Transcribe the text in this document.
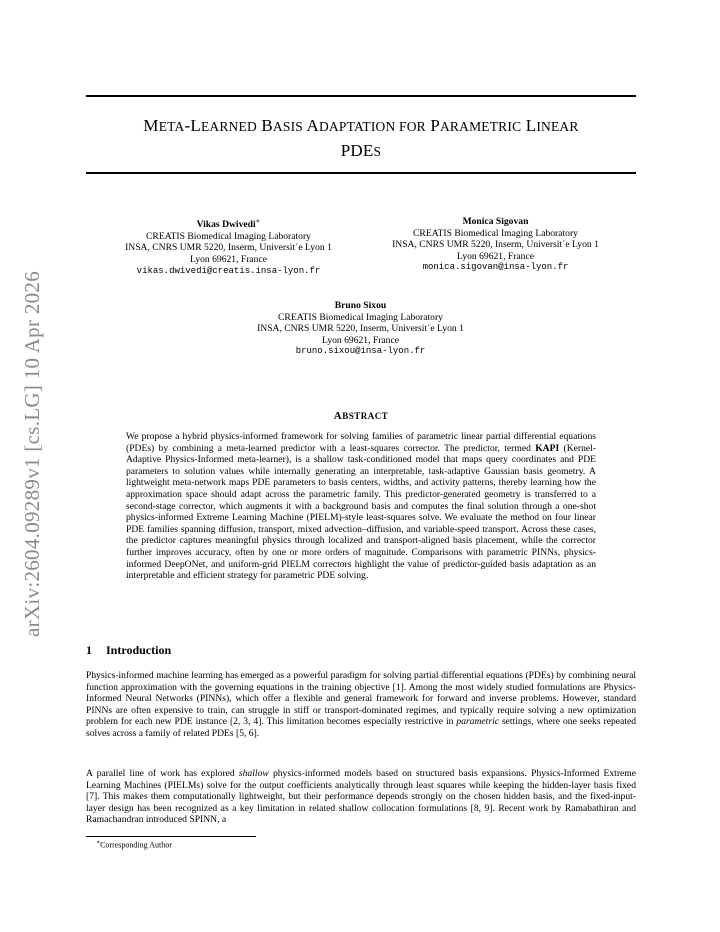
arXiv:2604.09289v1 [cs.LG] 10 Apr 2026
META-LEARNED BASIS ADAPTATION FOR PARAMETRIC LINEAR
PDES
Vikas Dwivedi∗
CREATIS Biomedical Imaging Laboratory
INSA, CNRS UMR 5220, Inserm, Universit´e Lyon 1
Lyon 69621, France
vikas.dwivedi@creatis.insa-lyon.fr
Monica Sigovan
CREATIS Biomedical Imaging Laboratory
INSA, CNRS UMR 5220, Inserm, Universit´e Lyon 1
Lyon 69621, France
monica.sigovan@insa-lyon.fr
Bruno Sixou
CREATIS Biomedical Imaging Laboratory
INSA, CNRS UMR 5220, Inserm, Universit´e Lyon 1
Lyon 69621, France
bruno.sixou@insa-lyon.fr
ABSTRACT
We propose a hybrid physics-informed framework for solving families of parametric linear partial differential equations (PDEs) by combining a meta-learned predictor with a least-squares corrector. The predictor, termed KAPI (Kernel-Adaptive Physics-Informed meta-learner), is a shallow task-conditioned model that maps query coordinates and PDE parameters to solution values while internally generating an interpretable, task-adaptive Gaussian basis geometry. A lightweight meta-network maps PDE parameters to basis centers, widths, and activity patterns, thereby learning how the approximation space should adapt across the parametric family. This predictor-generated geometry is transferred to a second-stage corrector, which augments it with a background basis and computes the final solution through a one-shot physics-informed Extreme Learning Machine (PIELM)-style least-squares solve. We evaluate the method on four linear PDE families spanning diffusion, transport, mixed advection–diffusion, and variable-speed transport. Across these cases, the predictor captures meaningful physics through localized and transport-aligned basis placement, while the corrector further improves accuracy, often by one or more orders of magnitude. Comparisons with parametric PINNs, physics-informed DeepONet, and uniform-grid PIELM correctors highlight the value of predictor-guided basis adaptation as an interpretable and efficient strategy for parametric PDE solving.
1 Introduction
Physics-informed machine learning has emerged as a powerful paradigm for solving partial differential equations (PDEs) by combining neural function approximation with the governing equations in the training objective [1]. Among the most widely studied formulations are Physics-Informed Neural Networks (PINNs), which offer a flexible and general framework for forward and inverse problems. However, standard PINNs are often expensive to train, can struggle in stiff or transport-dominated regimes, and typically require solving a new optimization problem for each new PDE instance [2, 3, 4]. This limitation becomes especially restrictive in parametric settings, where one seeks repeated solves across a family of related PDEs [5, 6].
A parallel line of work has explored shallow physics-informed models based on structured basis expansions. Physics-Informed Extreme Learning Machines (PIELMs) solve for the output coefficients analytically through least squares while keeping the hidden-layer basis fixed [7]. This makes them computationally lightweight, but their performance depends strongly on the chosen hidden basis, and the fixed-input-layer design has been recognized as a key limitation in related shallow collocation formulations [8, 9]. Recent work by Ramabathiran and Ramachandran introduced SPINN, a
∗Corresponding Author
